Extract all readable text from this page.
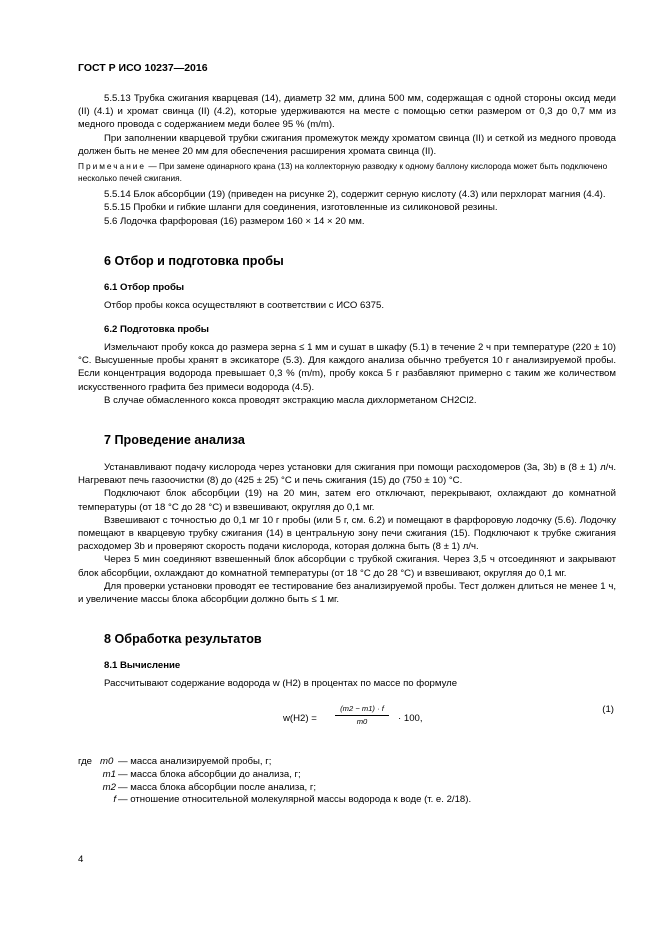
ГОСТ Р ИСО 10237—2016

5.5.13 Трубка сжигания кварцевая (14), диаметр 32 мм, длина 500 мм, содержащая с одной стороны оксид меди (II) (4.1) и хромат свинца (II) (4.2), которые удерживаются на месте с помощью сетки размером от 0,3 до 0,7 мм из медного провода с содержанием меди более 95 % (m/m).

При заполнении кварцевой трубки сжигания промежуток между хроматом свинца (II) и сеткой из медного провода должен быть не менее 20 мм для обеспечения расширения хромата свинца (II).

Примечание — При замене одинарного крана (13) на коллекторную разводку к одному баллону кислорода может быть подключено несколько печей сжигания.

5.5.14 Блок абсорбции (19) (приведен на рисунке 2), содержит серную кислоту (4.3) или перхлорат магния (4.4).

5.5.15 Пробки и гибкие шланги для соединения, изготовленные из силиконовой резины.

5.6 Лодочка фарфоровая (16) размером 160 × 14 × 20 мм.

6 Отбор и подготовка пробы
6.1 Отбор пробы

Отбор пробы кокса осуществляют в соответствии с ИСО 6375.

6.2 Подготовка пробы

Измельчают пробу кокса до размера зерна ≤ 1 мм и сушат в шкафу (5.1) в течение 2 ч при температуре (220 ± 10) °С. Высушенные пробы хранят в эксикаторе (5.3). Для каждого анализа обычно требуется 10 г анализируемой пробы. Если концентрация водорода превышает 0,3 % (m/m), пробу кокса 5 г разбавляют примерно с таким же количеством искусственного графита без примеси водорода (4.5).

В случае обмасленного кокса проводят экстракцию масла дихлорметаном CH2Cl2.

7 Проведение анализа

Устанавливают подачу кислорода через установки для сжигания при помощи расходомеров (3а, 3b) в (8 ± 1) л/ч. Нагревают печь газоочистки (8) до (425 ± 25) °С и печь сжигания (15) до (750 ± 10) °С.

Подключают блок абсорбции (19) на 20 мин, затем его отключают, перекрывают, охлаждают до комнатной температуры (от 18 °С до 28 °С) и взвешивают, округляя до 0,1 мг.

Взвешивают с точностью до 0,1 мг 10 г пробы (или 5 г, см. 6.2) и помещают в фарфоровую лодочку (5.6). Лодочку помещают в кварцевую трубку сжигания (14) в центральную зону печи сжигания (15). Подключают к трубке сжигания расходомер 3b и проверяют скорость подачи кислорода, которая должна быть (8 ± 1) л/ч.

Через 5 мин соединяют взвешенный блок абсорбции с трубкой сжигания. Через 3,5 ч отсоединяют и закрывают блок абсорбции, охлаждают до комнатной температуры (от 18 °С до 28 °С) и взвешивают, округляя до 0,1 мг.

Для проверки установки проводят ее тестирование без анализируемой пробы. Тест должен длиться не менее 1 ч, и увеличение массы блока абсорбции должно быть ≤ 1 мг.

8 Обработка результатов
8.1 Вычисление

Рассчитывают содержание водорода w (H2) в процентах по массе по формуле

$w(H2) = \frac{(m2 - m1) \cdot f}{m0} \cdot 100$,
(1)
где m0 — масса анализируемой пробы, г;
m1 — масса блока абсорбции до анализа, г;
m2 — масса блока абсорбции после анализа, г;
f — отношение относительной молекулярной массы водорода к воде (т. е. 2/18).
4
